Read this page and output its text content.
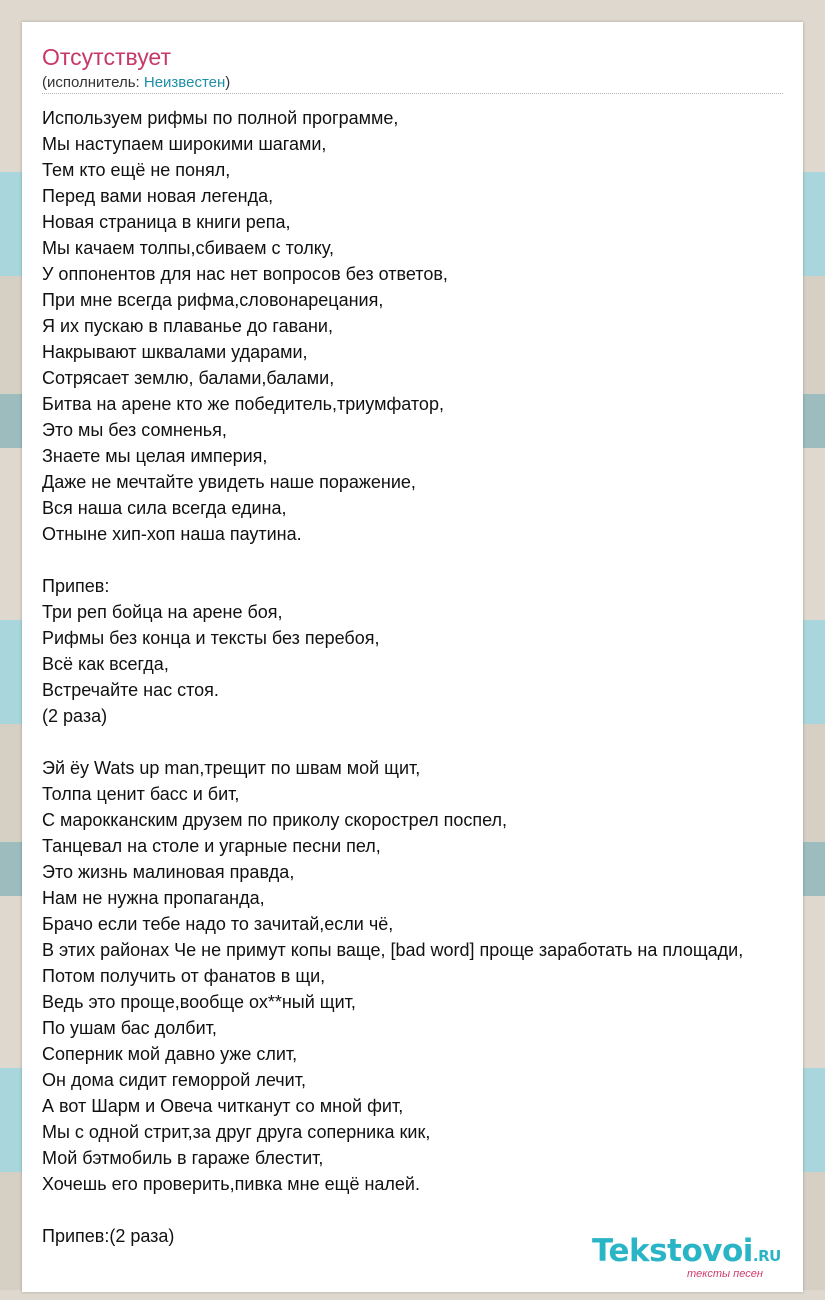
Отсутствует
(исполнитель: Неизвестен)
Используем рифмы по полной программе,
Мы наступаем широкими шагами,
Тем кто ещё не понял,
Перед вами новая легенда,
Новая страница в книги репа,
Мы качаем толпы,сбиваем с толку,
У оппонентов для нас нет вопросов без ответов,
При мне всегда рифма,словонарецания,
Я их пускаю в плаванье до гавани,
Накрывают шквалами ударами,
Сотрясает землю, балами,балами,
Битва на арене кто же победитель,триумфатор,
Это мы без сомненья,
Знаете мы целая империя,
Даже не мечтайте увидеть наше поражение,
Вся наша сила всегда едина,
Отныне хип-хоп наша паутина.
Припев:
Три реп бойца на арене боя,
Рифмы без конца и тексты без перебоя,
Всё как всегда,
Встречайте нас стоя.
(2 раза)
Эй ёу Wats up man,трещит по швам мой щит,
Толпа ценит басс и бит,
С марокканским друзем по приколу скорострел поспел,
Танцевал на столе и угарные песни пел,
Это жизнь малиновая правда,
Нам не нужна пропаганда,
Брачо если тебе надо то зачитай,если чё,
В этих районах Че не примут копы ваще, [bad word] проще заработать на площади,
Потом получить от фанатов в щи,
Ведь это проще,вообще ох**ный щит,
По ушам бас долбит,
Соперник мой давно уже слит,
Он дома сидит геморрой лечит,
А вот Шарм и Овеча читканут со мной фит,
Мы с одной стрит,за друг друга соперника кик,
Мой бэтмобиль в гараже блестит,
Хочешь его проверить,пивка мне ещё налей.
Припев:(2 раза)	Tekstovoi.RU
тексты песен
